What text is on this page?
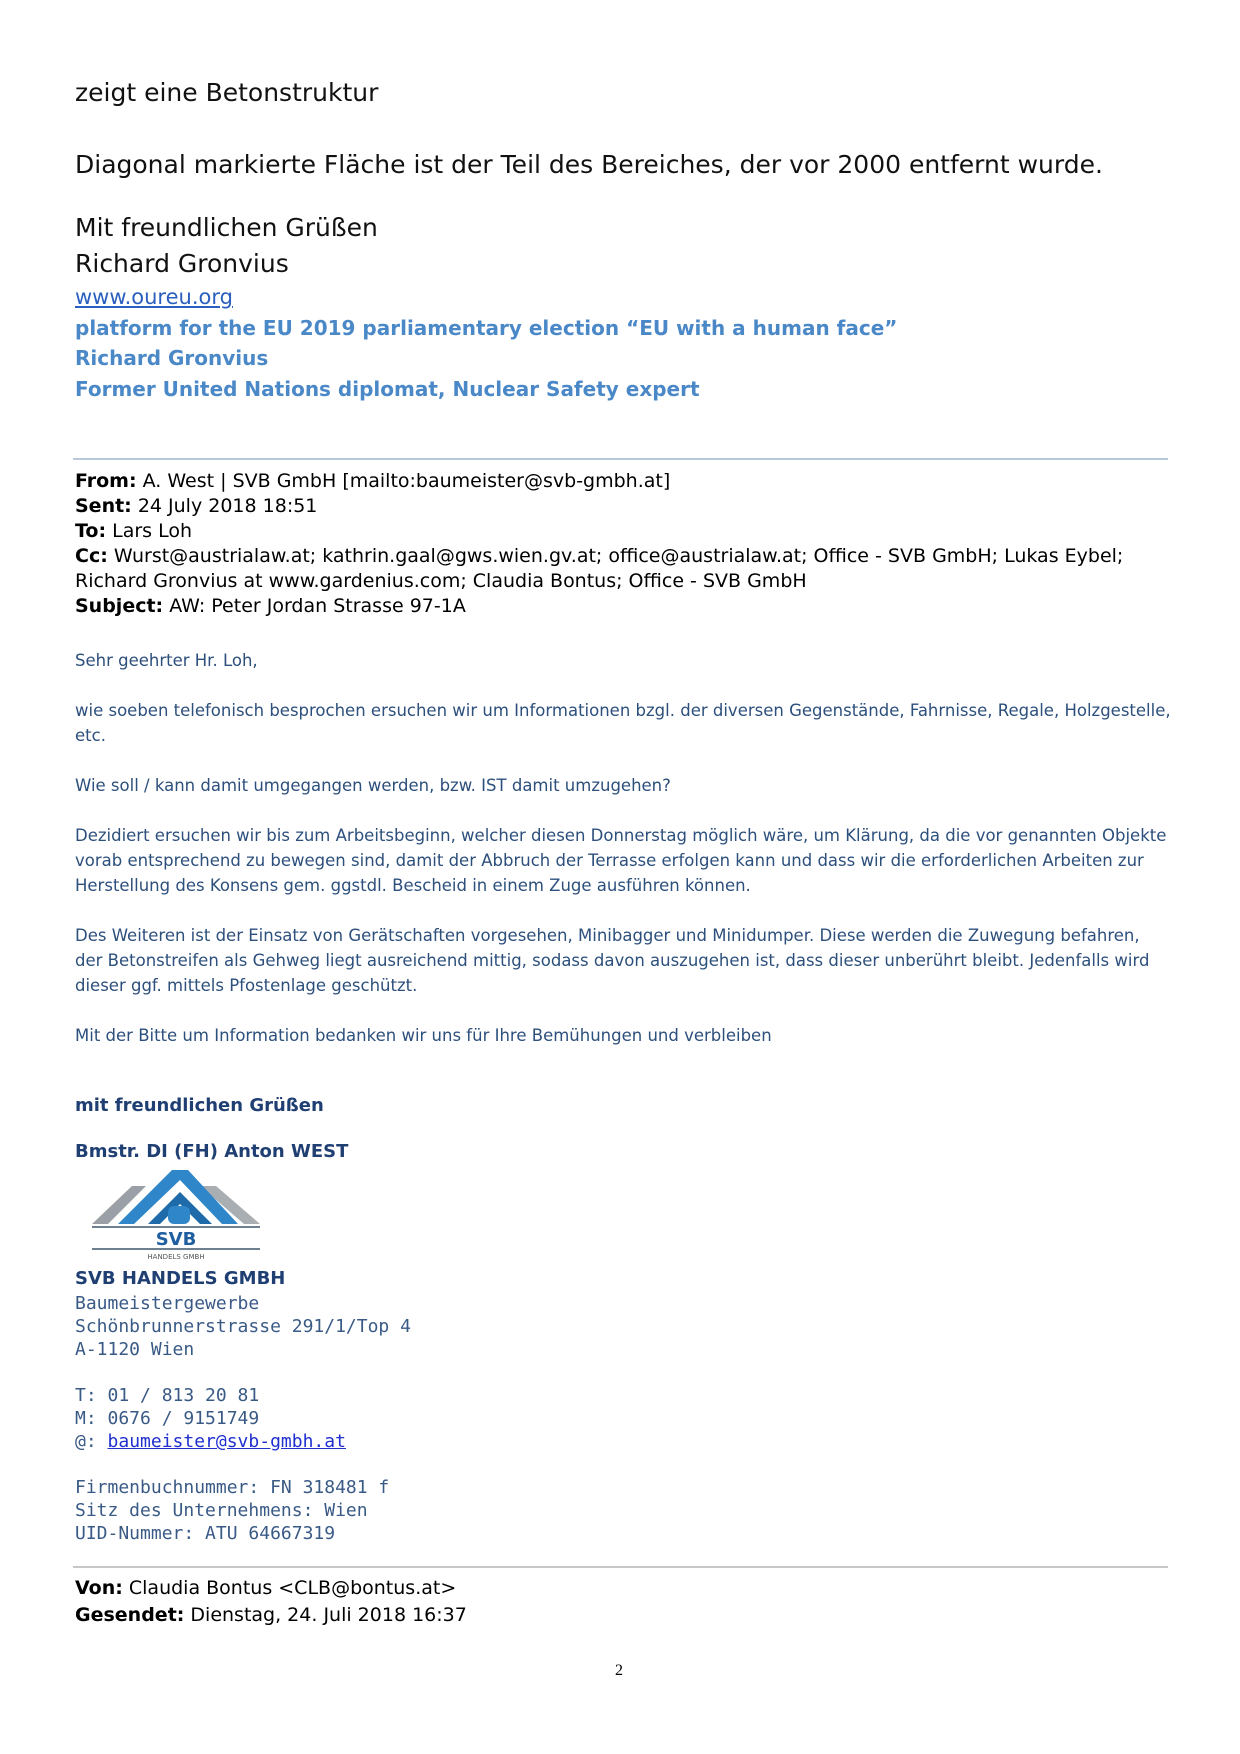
zeigt eine Betonstruktur
Diagonal markierte Fläche ist der Teil des Bereiches, der vor 2000 entfernt wurde.
Mit freundlichen Grüßen
Richard Gronvius
www.oureu.org
platform for the EU 2019 parliamentary election “EU with a human face”
Richard Gronvius
Former United Nations diplomat, Nuclear Safety expert
From: A. West | SVB GmbH [mailto:baumeister@svb-gmbh.at]
Sent: 24 July 2018 18:51
To: Lars Loh
Cc: Wurst@austrialaw.at; kathrin.gaal@gws.wien.gv.at; office@austrialaw.at; Office - SVB GmbH; Lukas Eybel;
Richard Gronvius at www.gardenius.com; Claudia Bontus; Office - SVB GmbH
Subject: AW: Peter Jordan Strasse 97-1A
Sehr geehrter Hr. Loh,
wie soeben telefonisch besprochen ersuchen wir um Informationen bzgl. der diversen Gegenstände, Fahrnisse, Regale, Holzgestelle,
etc.
Wie soll / kann damit umgegangen werden, bzw. IST damit umzugehen?
Dezidiert ersuchen wir bis zum Arbeitsbeginn, welcher diesen Donnerstag möglich wäre, um Klärung, da die vor genannten Objekte
vorab entsprechend zu bewegen sind, damit der Abbruch der Terrasse erfolgen kann und dass wir die erforderlichen Arbeiten zur
Herstellung des Konsens gem. ggstdl. Bescheid in einem Zuge ausführen können.
Des Weiteren ist der Einsatz von Gerätschaften vorgesehen, Minibagger und Minidumper. Diese werden die Zuwegung befahren,
der Betonstreifen als Gehweg liegt ausreichend mittig, sodass davon auszugehen ist, dass dieser unberührt bleibt. Jedenfalls wird
dieser ggf. mittels Pfostenlage geschützt.
Mit der Bitte um Information bedanken wir uns für Ihre Bemühungen und verbleiben
mit freundlichen Grüßen
Bmstr. DI (FH) Anton WEST
SVB
HANDELS GMBH
SVB HANDELS GMBH
Baumeistergewerbe
Schönbrunnerstrasse 291/1/Top 4
A-1120 Wien
T: 01 / 813 20 81
M: 0676 / 9151749
@: baumeister@svb-gmbh.at
Firmenbuchnummer: FN 318481 f
Sitz des Unternehmens: Wien
UID-Nummer: ATU 64667319
Von: Claudia Bontus <CLB@bontus.at>
Gesendet: Dienstag, 24. Juli 2018 16:37
2
